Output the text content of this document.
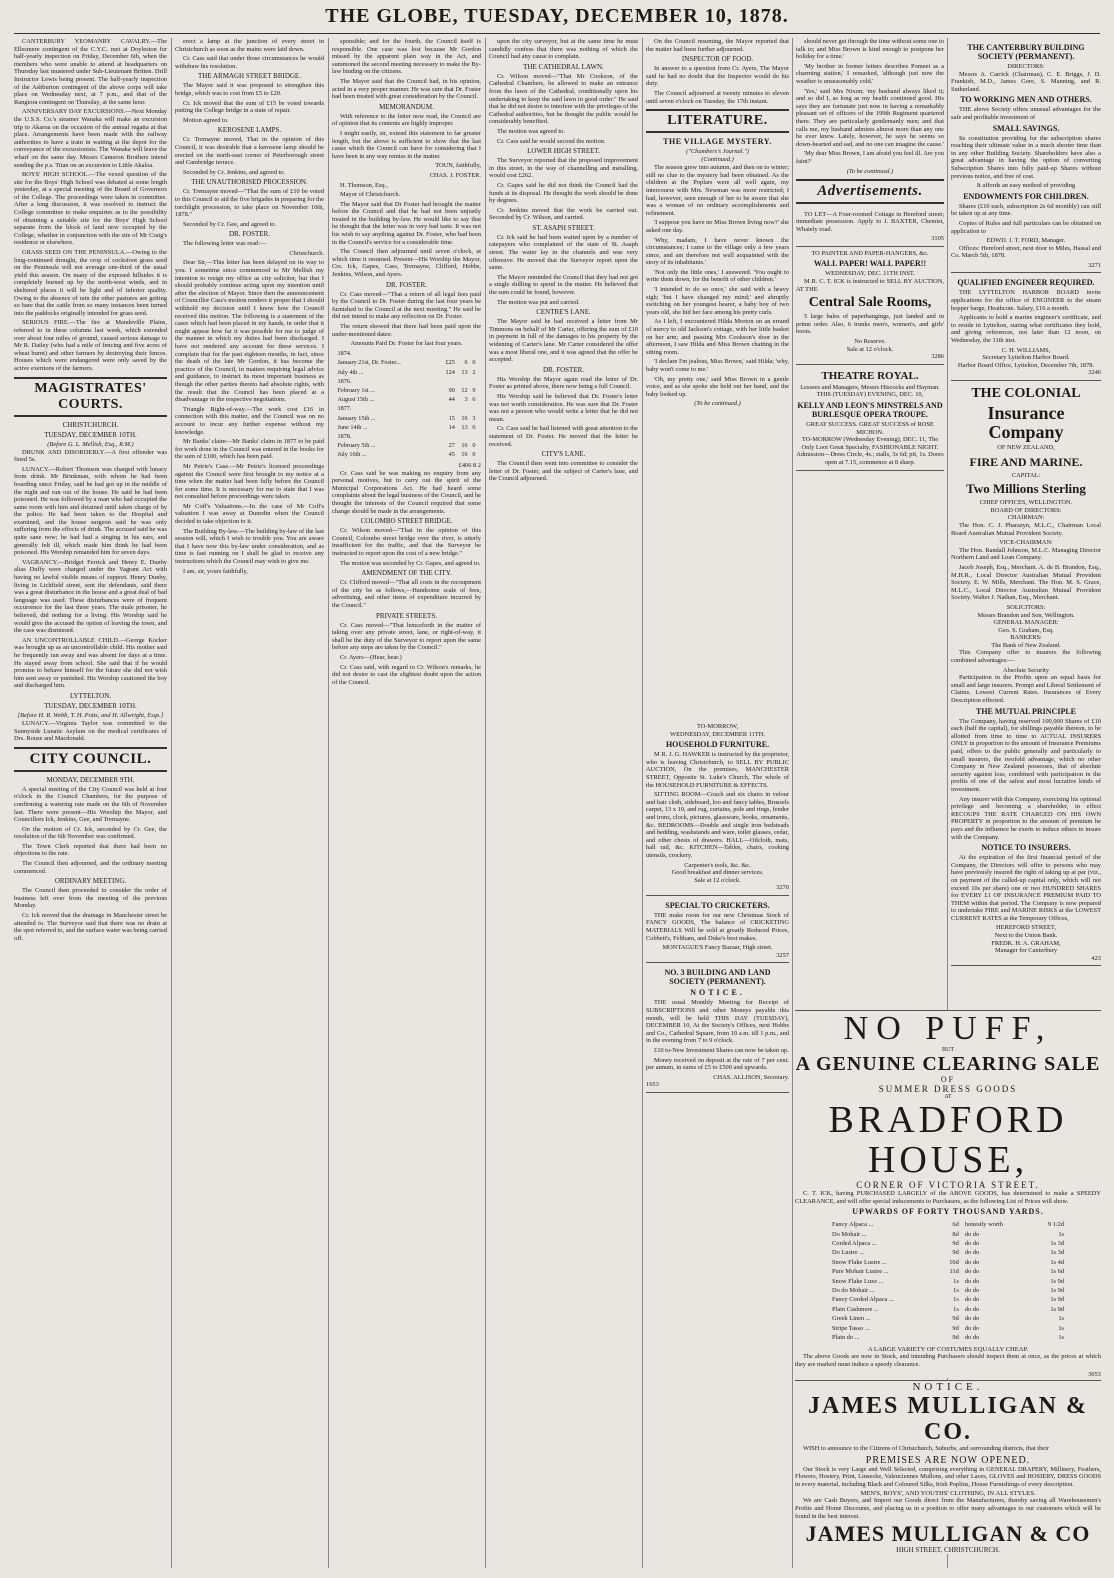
THE GLOBE, TUESDAY, DECEMBER 10, 1878.

CANTERBURY YEOMANRY CAVALRY.—The Ellesmere contingent of the C.Y.C. met at Doyleston for half-yearly inspection on Friday, December 6th, when the members who were unable to attend at headquarters on Thursday last mustered under Sub-Lieutenant Britten. Drill Instructor Lewis being present. The half-yearly inspection of the Ashburton contingent of the above corps will take place on Wednesday next, at 7 p.m., and that of the Rangiora contingent on Thursday, at the same hour.

ANNIVERSARY DAY EXCURSIONS.—Next Monday the U.S.S. Co.'s steamer Wanaka will make an excursion trip to Akaroa on the occasion of the annual regatta at that place. Arrangements have been made with the railway authorities to have a train in waiting at the depot for the conveyance of the excursionists. The Wanaka will leave the wharf on the same day. Messrs Cameron Brothers intend sending the p.s. Titan on an excursion to Little Akaloa.

BOYS' HIGH SCHOOL.—The vexed question of the site for the Boys' High School was debated at some length yesterday, at a special meeting of the Board of Governors of the College. The proceedings were taken in committee. After a long discussion, it was resolved to instruct the College committee to make enquiries as to the possibility of obtaining a suitable site for the Boys' High School separate from the block of land now occupied by the College, whether in conjunction with the site of Mr Craig's residence or elsewhere.

GRASS SEED ON THE PENINSULA.—Owing to the long-continued drought, the crop of cocksfoot grass seed on the Peninsula will not average one-third of the usual yield this season. On many of the exposed hillsides it is completely burned up by the north-west winds, and in sheltered places it will be light and of inferior quality. Owing to the absence of rain the other pastures are getting so bare that the cattle from so many instances been turned into the paddocks originally intended for grass seed.

SERIOUS FIRE.—The fire at Mandeville Plains, referred to in these columns last week, which extended over about four miles of ground, caused serious damage to Mr R. Dailey (who had a mile of fencing and five acres of wheat burnt) and other farmers by destroying their fences. Houses which were endangered were only saved by the active exertions of the farmers.

MAGISTRATES' COURTS.
CHRISTCHURCH.
TUESDAY, DECEMBER 10TH.
(Before G. L. Mellish, Esq., R.M.)

DRUNK AND DISORDERLY.—A first offender was fined 5s.

LUNACY.—Robert Thomson was charged with lunacy from drink. Mr Brinkman, with whom he had been boarding since Friday, said he had got up in the middle of the night and run out of the house. He said he had been poisoned. He was followed by a man who had occupied the same room with him and detained until taken charge of by the police. He had been taken to the Hospital and examined, and the house surgeon said he was only suffering from the effects of drink. The accused said he was quite sane now; he had had a singing in his ears, and generally felt ill, which made him think he had been poisoned. His Worship remanded him for seven days.

VAGRANCY.—Bridget Ferrick and Henry E. Dunby alias Duffy were charged under the Vagrant Act with having no lawful visible means of support. Henry Dunby, living in Lichfield street, sent the defendants, said there was a great disturbance in the house and a great deal of bad language was used. These disturbances were of frequent occurrence for the last three years. The male prisoner, he believed, did nothing for a living. His Worship said he would give the accused the option of leaving the town, and the case was dismissed.

AN UNCONTROLLABLE CHILD.—George Kocker was brought up as an uncontrollable child. His mother said he frequently ran away and was absent for days at a time. He stayed away from school. She said that if he would promise to behave himself for the future she did not wish him sent away or punished. His Worship cautioned the boy and discharged him.

LYTTELTON.
TUESDAY, DECEMBER 10TH.
[Before H. R. Webb, T. H. Potts, and H. Allwright, Esqs.]

LUNACY.—Virginia Taylor was committed to the Sunnyside Lunatic Asylum on the medical certificates of Drs. Rouse and Macdonald.

CITY COUNCIL.
MONDAY, DECEMBER 9TH.

A special meeting of the City Council was held at four o'clock in the Council Chambers, for the purpose of confirming a watering rate made on the 6th of November last. There were present—His Worship the Mayor, and Councillors Ick, Jenkins, Gee, and Tremayne.

On the motion of Cr. Ick, seconded by Cr. Gee, the resolution of the 6th November was confirmed.

The Town Clerk reported that there had been no objections to the rate.

The Council then adjourned, and the ordinary meeting commenced.

ORDINARY MEETING.

The Council then proceeded to consider the order of business left over from the meeting of the previous Monday.

Cr. Ick moved that the drainage in Manchester street be attended to. The Surveyor said that there was no drain at the spot referred to, and the surface water was being carried off.

erect a lamp at the junction of every street in Christchurch as soon as the mains were laid down.

Cr. Cass said that under those circumstances he would withdraw his resolution.

THE ARMAGH STREET BRIDGE.

The Mayor said it was proposed to strengthen this bridge, which was to cost from £5 to £20.

Cr. Ick moved that the sum of £15 be voted towards putting the College bridge in a state of repair.

Motion agreed to.

KEROSENE LAMPS.

Cr. Tremayne moved, That in the opinion of this Council, it was desirable that a kerosene lamp should be erected on the north-east corner of Peterborough street and Cambridge terrace.

Seconded by Cr. Jenkins, and agreed to.

THE UNAUTHORISED PROCESSION.

Cr. Tremayne moved—"That the sum of £10 be voted to this Council to aid the five brigades in preparing for the torchlight procession, to take place on November 10th, 1878."

Seconded by Cr. Gee, and agreed to.

DR. FOSTER.

The following letter was read:—

Christchurch.

Dear Sir,—This letter has been delayed on its way to you. I sometime since commenced to Mr Mellish my intention to resign my office as city solicitor, but that I should probably continue acting upon my intention until after the election of Mayor. Since then the announcement of Councillor Cass's motion renders it proper that I should withhold my decision until I know how the Council received this motion. The following is a statement of the cases which had been placed in my hands, in order that it might appear how far it was possible for me to judge of the manner in which my duties had been discharged. I have not rendered any account for these services. I complain that for the past eighteen months, in fact, since the death of the late Mr Gordon, it has become the practice of the Council, in matters requiring legal advice and guidance, to instruct its most important business as though the other parties thereto had absolute rights, with the result that the Council has been placed at a disadvantage in the respective negotiations.

Triangle Right-of-way.—The work cost £16 in connection with this matter, and the Council was on no account to incur any further expense without my knowledge.

Mr Banks' claim—Mr Banks' claim in 1877 to be paid for work done in the Council was entered in the books for the sum of £100, which has been paid.

Mr Petrie's Case.—Mr Petrie's licensed proceedings against the Council were first brought to my notice at a time when the matter had been fully before the Council for some time. It is necessary for me to state that I was not consulted before proceedings were taken.

Mr Coff's Valuations.—In the case of Mr Coff's valuation I was away at Dunedin when the Council decided to take objection to it.

The Building By-law.—The building by-law of the last session will, which I wish to trouble you. You are aware that I have now this by-law under consideration, and as time is fast running on I shall be glad to receive any instructions which the Council may wish to give me.

I am, sir, yours faithfully,

sponsible; and for the fourth, the Council itself is responsible. One case was lost because Mr Gordon missed by the apparent plain way in the Act, and summoned the second meeting necessary to make the By-law binding on the citizens.

The Mayor said that the Council had, in his opinion, acted in a very proper manner. He was sure that Dr. Foster had been treated with great consideration by the Council.

MEMORANDUM.

With reference to the letter now read, the Council are of opinion that its contents are highly improper.

I might easily, sir, extend this statement to far greater length, but the above is sufficient to show that the last cause which the Council can have for considering that I have been in any way remiss in the matter.

TOUN, faithfully,

CHAS. J. FOSTER.

H. Thomson, Esq.,

Mayor of Christchurch.

The Mayor said that Dr Foster had brought the matter before the Council and that he had not been unjustly treated in the building by-law. He would like to say that he thought that the letter was in very bad taste. It was not his wish to say anything against Dr. Foster, who had been in the Council's service for a considerable time.

The Council then adjourned until seven o'clock, at which time it resumed. Present—His Worship the Mayor, Crs. Ick, Gapes, Cass, Tremayne, Clifford, Hobbs, Jenkins, Wilson, and Ayers.

DR. FOSTER.

Cr. Cass moved—"That a return of all legal fees paid by the Council to Dr. Foster during the last four years be furnished to the Council at the next meeting." He said he did not intend to make any reflection on Dr. Foster.

The return showed that there had been paid upon the under-mentioned dates:

Amounts Paid Dr. Foster for last four years.
1874.			
January 21st, Dr. Foster...	£25	6	0
July 4th ...	124	13	2
1876.			
February 1st ...	90	12	9
August 15th ...	44	3	6
1877.			
January 15th ...	15	16	3
June 14th ...	14	13	6
1878.			
February 5th ...	27	16	0
July 16th ...	45	16	0
£406 8 2

Cr. Cass said he was making no enquiry from any personal motives, but to carry out the spirit of the Municipal Corporations Act. He had heard some complaints about the legal business of the Council, and he thought the interests of the Council required that some change should be made in the arrangements.

COLOMBO STREET BRIDGE.

Cr. Wilson moved—"That in the opinion of this Council, Colombo street bridge over the river, is utterly insufficient for the traffic, and that the Surveyor be instructed to report upon the cost of a new bridge."

The motion was seconded by Cr. Gapes, and agreed to.

AMENDMENT OF THE CITY.

Cr. Clifford moved—"That all costs in the recoupment of the city be as follows,—Handsome scale of fees, advertising, and other items of expenditure incurred by the Council."

PRIVATE STREETS.

Cr. Cass moved—"That henceforth in the matter of taking over any private street, lane, or right-of-way, it shall be the duty of the Surveyor to report upon the same before any steps are taken by the Council."

Cr. Ayers—(Hear, hear.)

Cr. Cass said, with regard to Cr. Wilson's remarks, he did not desire to cast the slightest doubt upon the action of the Council.

upon the city surveyor, but at the same time he must candidly confess that there was nothing of which the Council had any cause to complain.

THE CATHEDRAL LAWN.

Cr. Wilson moved—"That Mr Cookson, of the Cathedral Chambers, be allowed to make an entrance from the lawn of the Cathedral, conditionally upon his undertaking to keep the said lawn in good order." He said that he did not desire to interfere with the privileges of the Cathedral authorities, but he thought the public would be considerably benefited.

The motion was agreed to.

Cr. Cass said he would second the motion.

LOWER HIGH STREET.

The Surveyor reported that the proposed improvement in this street, in the way of channelling and metalling, would cost £262.

Cr. Gapes said he did not think the Council had the funds at its disposal. He thought the work should be done by degrees.

Cr. Jenkins moved that the work be carried out. Seconded by Cr. Wilson, and carried.

ST. ASAPH STREET.

Cr. Ick said he had been waited upon by a number of ratepayers who complained of the state of St. Asaph street. The water lay in the channels and was very offensive. He moved that the Surveyor report upon the same.

The Mayor reminded the Council that they had not got a single shilling to spend in the matter. He believed that the sum could be found, however.

The motion was put and carried.

CENTRE'S LANE.

The Mayor said he had received a letter from Mr Timmons on behalf of Mr Carter, offering the sum of £10 in payment in full of the damages to his property by the widening of Carter's lane. Mr Carter considered the offer was a most liberal one, and it was agreed that the offer be accepted.

DR. FOSTER.

His Worship the Mayor again read the letter of Dr. Foster as printed above, there now being a full Council.

His Worship said he believed that Dr. Foster's letter was not worth consideration. He was sure that Dr. Foster was not a person who would write a letter that he did not mean.

Cr. Cass said he had listened with great attention to the statement of Dr. Foster. He moved that the letter be received.

CITY'S LANE.

The Council then went into committee to consider the letter of Dr. Foster, and the subject of Carter's lane, and the Council adjourned.

On the Council resuming, the Mayor reported that the matter had been further adjourned.

INSPECTOR OF FOOD.

In answer to a question from Cr. Ayers, The Mayor said he had no doubt that the Inspector would do his duty.

The Council adjourned at twenty minutes to eleven until seven o'clock on Tuesday, the 17th instant.

LITERATURE.
THE VILLAGE MYSTERY.
("Chambers's Journal.")
(Continued.)

The season grew into autumn, and then on to winter; still no clue to the mystery had been obtained. As the children at the Poplars were all well again, my intercourse with Mrs. Newman was more restricted; I had, however, seen enough of her to be aware that she was a woman of no ordinary accomplishments and refinement.

'I suppose you have no Miss Brown living now?' she asked one day.

'Why, madam, I have never known the circumstances; I came to the village only a few years since, and am therefore not well acquainted with the story of its inhabitants.'

'Not only the little ones,' I answered. 'You ought to write them down, for the benefit of other children.'

'I intended to do so once,' she said with a heavy sigh; 'but I have changed my mind;' and abruptly switching on her youngest hearer, a baby boy of two years old, she hid her face among his pretty curls.

As I left, I encountered Hilda Morton on an errand of mercy to old Jackson's cottage, with her little basket on her arm; and passing Mrs Cookson's door in the afternoon, I saw Hilda and Miss Brown chatting in the sitting room.

'I declare I'm jealous, Miss Brown,' said Hilda; 'why, baby won't come to me.'

'Oh, my pretty one,' said Miss Brown in a gentle voice, and as she spoke she held out her hand, and the baby looked up.

(To be continued.)

should never get through the time without some one to talk to; and Miss Brown is kind enough to postpone her holiday for a time.'

'My brother in former letters describes Pomeet as a charming station,' I remarked, 'although just now the weather is unseasonably cold.'

'Yes,' said Mrs Nixon; 'my husband always liked it; and so did I, as long as my health continued good. His says they are fortunate just now in having a remarkably pleasant set of officers of the 199th Regiment quartered there. They are particularly gentlemanly men; and that calls me, my husband admires almost more than any one he ever knew. Lately, however, he says he seems so down-hearted and sad, and no one can imagine the cause.'

'My dear Miss Brown, I am afraid you feel ill. Are you faint?'

(To be continued.)
Advertisements.

TO LET—A Four-roomed Cottage in Hereford street; immediate possession. Apply to J. BAXTER, Chemist, Whately road.

3105

TO PAINTER AND PAPER-HANGERS, &c.
WALL PAPER! WALL PAPER!!
WEDNESDAY, DEC. 11TH INST.

M R. C. T. ICK is instructed to SELL BY AUCTION, AT THE

Central Sale Rooms,

5 large bales of paperhangings, just landed and in prime order. Also, 6 trunks men's, women's, and girls' boots.

No Reserve.
Sale at 12 o'clock.
3286
THEATRE ROYAL.
Lessees and Managers, Messrs Hiscocks and Hayman.
THIS (TUESDAY) EVENING, DEC. 10,
KELLY AND LEON'S MINSTRELS AND BURLESQUE OPERA TROUPE.
GREAT SUCCESS. GREAT SUCCESS of ROSE MICHON.
TO-MORROW (Wednesday Evening), DEC. 11, The Only Loot Great Specialty, FASHIONABLE NIGHT.
Admission—Dress Circle, 4s.; stalls, 3s 6d; pit, 1s. Doors open at 7.15, commence at 8 sharp.
THE CANTERBURY BUILDING SOCIETY (PERMANENT).
DIRECTORS:

Messrs A. Carrick (Chairman), C. E. Briggs, J. D. Frankish, M.D., James Gore, S. Manning, and R. Sutherland.

TO WORKING MEN AND OTHERS.

THE above Society offers unusual advantages for the safe and profitable investment of

SMALL SAVINGS.

Its constitution providing for the subscription shares reaching their ultimate value in a much shorter time than in any other Building Society. Shareholders have also a great advantage in having the option of converting Subscription Shares into fully paid-up Shares without previous notice, and free of cost.

It affords an easy method of providing
ENDOWMENTS FOR CHILDREN.

Shares (£10 each, subscription 2s 6d monthly) can still be taken up at any time.

Copies of Rules and full particulars can be obtained on application to

EDWD. J. T. FORD, Manager.

Offices: Hereford street, next door to Miles, Hassal and Co. March 5th, 1878.

3271
QUALIFIED ENGINEER REQUIRED.

THE LYTTELTON HARBOR BOARD invite applications for the office of ENGINEER to the steam hopper barge, Heathcote. Salary, £16 a month.

Applicants to hold a marine engineer's certificate, and to reside in Lyttelton, stating what certificates they hold, and giving references, not later than 12 noon, on Wednesday, the 11th inst.

C. H. WILLIAMS,
Secretary Lyttelton Harbor Board.
Harbor Board Office, Lyttelton, December 7th, 1878.
3246
THE COLONIAL
Insurance Company
OF NEW ZEALAND,
FIRE AND MARINE.
CAPITAL:
Two Millions Sterling
CHIEF OFFICES, WELLINGTON.
BOARD OF DIRECTORS:
CHAIRMAN:

The Hon. C. J. Pharazyn, M.L.C., Chairman Local Board Australian Mutual Provident Society.

VICE-CHAIRMAN:

The Hon. Randall Johnson, M.L.C. Managing Director Northern Land and Loan Company.

Jacob Joseph, Esq., Merchant. A. de B. Brandon, Esq., M.H.R., Local Director Australian Mutual Provident Society. E. W. Mills, Merchant. The Hon. M. S. Grace, M.L.C., Local Director Australian Mutual Provident Society. Walter J. Nathan, Esq., Merchant.

SOLICITORS:
Messrs Brandon and Son, Wellington.
GENERAL MANAGER:
Geo. S. Graham, Esq.
BANKERS:
The Bank of New Zealand.

This Company offer to insurers the following combined advantages:—

Absolute Security

Participation in the Profits upon an equal basis for small and large insurers. Prompt and Liberal Settlement of Claims. Lowest Current Rates. Insurances of Every Description effected.

THE MUTUAL PRINCIPLE

The Company, having reserved 100,000 Shares of £10 each (half the capital), for shillings payable thereon, to be allotted from time to time to ACTUAL INSURERS ONLY in proportion to the amount of Insurance Premiums paid, offers to the public generally and particularly to small insurers, the twofold advantage, which no other Company in New Zealand possesses, that of absolute security against loss, combined with participation in the profits of one of the safest and most lucrative kinds of investment.

Any insurer with this Company, exercising his optional privilege and becoming a shareholder, in effect RECOUPS THE RATE CHARGED ON HIS OWN PROPERTY in proportion to the amount of premium he pays and the influence he exerts to induce others to insure with the Company.

NOTICE TO INSURERS.

At the expiration of the first financial period of the Company, the Directors will offer to persons who may have previously insured the right of taking up at par (viz., on payment of the called-up capital only, which will not exceed 10s per share) one or two HUNDRED SHARES for EVERY £1 OF INSURANCE PREMIUM PAID TO THEM within that period. The Company is now prepared to undertake FIRE and MARINE RISKS at the LOWEST CURRENT RATES at the Temporary Offices,

HEREFORD STREET,
Next to the Union Bank.
FREDK. H. A. GRAHAM,
Manager for Canterbury
423
TO-MORROW,
WEDNESDAY, DECEMBER 11TH.
HOUSEHOLD FURNITURE.

M R. J. G. HAWKER is instructed by the proprietor, who is leaving Christchurch, to SELL BY PUBLIC AUCTION, On the premises, MANCHESTER STREET, Opposite St. Luke's Church, The whole of the HOUSEHOLD FURNITURE & EFFECTS.

SITTING ROOM—Couch and six chairs in velour and hair cloth, sideboard, loo and fancy tables, Brussels carpet, 13 x 10, and rug, curtains, pole and rings, fender and irons, clock, pictures, glassware, books, ornaments, &c. BEDROOMS—Double and single iron bedsteads and bedding, washstands and ware, toilet glasses, cedar, and other chests of drawers. HALL—Oilcloth, mats, hall rail, &c. KITCHEN—Tables, chairs, cooking utensils, crockery.

Carpenter's tools, &c. &c.
Good breakfast and dinner services.
Sale at 12 o'clock.
3270
SPECIAL TO CRICKETERS.

THE make room for our new Christmas Stock of FANCY GOODS, The balance of CRICKETING MATERIALS Will be sold at greatly Reduced Prices, Cobbett's, Feltham, and Duke's best makes.

MONTAGUE'S Fancy Bazaar, High street.
3257
NO. 3 BUILDING AND LAND SOCIETY (PERMANENT).
NOTICE.

THE usual Monthly Meeting for Receipt of SUBSCRIPTIONS and other Moneys payable this month, will be held THIS DAY (TUESDAY), DECEMBER 10, At the Society's Offices, next Hobbs and Co., Cathedral Square, from 10 a.m. till 1 p.m., and in the evening from 7 to 9 o'clock.

£10 to-New Investment Shares can now be taken up.

Money received on deposit at the rate of 7 per cent. per annum, in sums of £5 to £500 and upwards.

CHAS. ALLISON, Secretary.
1653
NO PUFF,
BUT
A GENUINE CLEARING SALE
OF
SUMMER DRESS GOODS
AT
BRADFORD HOUSE,
CORNER OF VICTORIA STREET.

C. T. ICK, having PURCHASED LARGELY of the ABOVE GOODS, has determined to make a SPEEDY CLEARANCE, and will offer special inducements to Purchasers, as the following List of Prices will show.

UPWARDS OF FORTY THOUSAND YARDS.
Fancy Alpaca ...	6d	honestly worth	9 1/2d
Do Mohair ...	8d	do do	1s
Corded Alpaca ...	9d	do do	1s 3d
Do Lustre ...	9d	do do	1s 3d
Snow Flake Lustre ...	10d	do do	1s 4d
Pure Mohair Lustre ...	11d	do do	1s 6d
Snow Flake Luxe ...	1s	do do	1s 9d
Do do Mohair ...	1s	do do	1s 9d
Fancy Corded Alpaca ...	1s	do do	1s 9d
Plain Cashmere ...	1s	do do	1s 9d
Greek Linen ...	9d	do do	1s
Stripe Tasso ...	9d	do do	1s
Plain do ...	9d	do do	1s
A LARGE VARIETY OF COSTUMES EQUALLY CHEAP.

The above Goods are now in Stock, and intending Purchasers should inspect them at once, as the prices at which they are marked must induce a speedy clearance.

3053
NOTICE.
JAMES MULLIGAN & CO.

WISH to announce to the Citizens of Christchurch, Suburbs, and surrounding districts, that their

PREMISES ARE NOW OPENED.

Our Stock is very Large and Well Selected, comprising everything in GENERAL DRAPERY, Millinery, Feathers, Flowers, Hosiery, Print, Linsecke, Valenciennes Mullons, and other Laces, GLOVES and HOSIERY, DRESS GOODS in every material, including Black and Coloured Silks, Irish Poplins, House Furnishings of every description.

MEN'S, BOYS', AND YOUTHS' CLOTHING, IN ALL STYLES.

We are Cash Buyers, and Import our Goods direct from the Manufacturers, thereby saving all Warehousemen's Profits and Home Discounts, and placing us in a position to offer many advantages to our customers which will be found in the best interest.

JAMES MULLIGAN & CO
HIGH STREET, CHRISTCHURCH.
